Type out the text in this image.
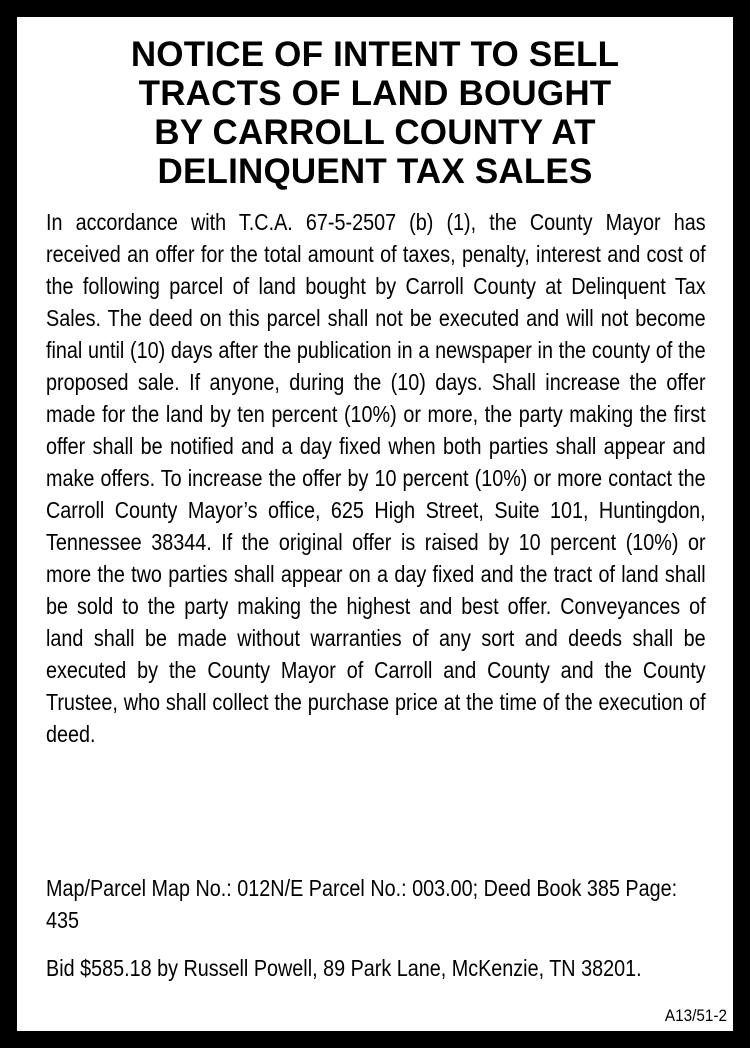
NOTICE OF INTENT TO SELL
TRACTS OF LAND BOUGHT
BY CARROLL COUNTY AT
DELINQUENT TAX SALES

In accordance with T.C.A. 67-5-2507 (b) (1), the County Mayor has received an offer for the total amount of taxes, penalty, interest and cost of the following parcel of land bought by Carroll County at Delinquent Tax Sales. The deed on this parcel shall not be executed and will not become final until (10) days after the publication in a newspaper in the county of the proposed sale. If anyone, during the (10) days. Shall increase the offer made for the land by ten percent (10%) or more, the party making the first offer shall be notified and a day fixed when both parties shall appear and make offers. To increase the offer by 10 percent (10%) or more contact the Carroll County Mayor’s office, 625 High Street, Suite 101, Huntingdon, Tennessee 38344. If the original offer is raised by 10 percent (10%) or more the two parties shall appear on a day fixed and the tract of land shall be sold to the party making the highest and best offer. Conveyances of land shall be made without warranties of any sort and deeds shall be executed by the County Mayor of Carroll and County and the County Trustee, who shall collect the purchase price at the time of the execution of deed.

Map/Parcel Map No.: 012N/E Parcel No.: 003.00; Deed Book 385 Page: 435

Bid $585.18 by Russell Powell, 89 Park Lane, McKenzie, TN 38201.

A13/51-2
